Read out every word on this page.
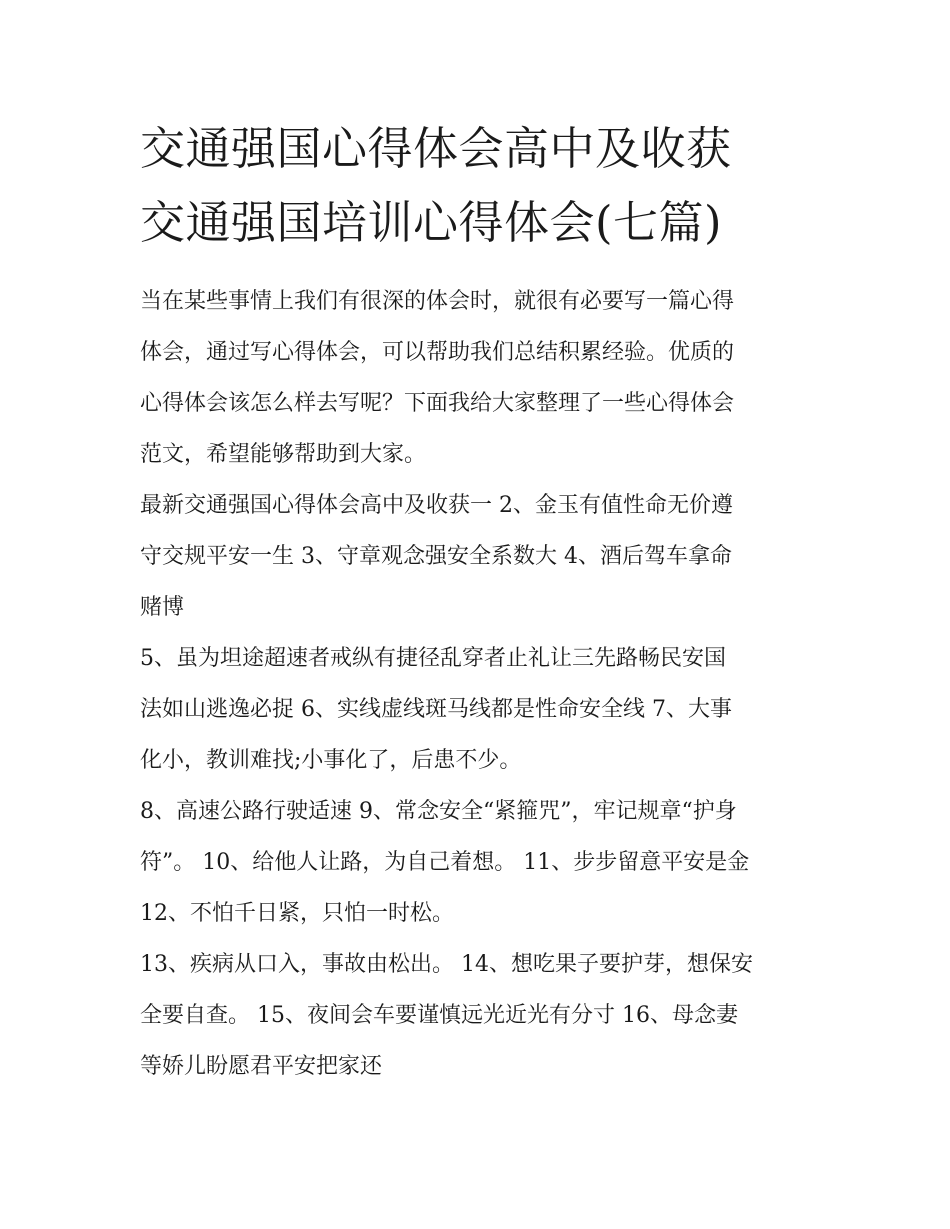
交通强国心得体会高中及收获
交通强国培训心得体会(七篇)
当在某些事情上我们有很深的体会时，就很有必要写一篇心得
体会，通过写心得体会，可以帮助我们总结积累经验。优质的
心得体会该怎么样去写呢？下面我给大家整理了一些心得体会
范文，希望能够帮助到大家。
最新交通强国心得体会高中及收获一 2、金玉有值性命无价遵
守交规平安一生 3、守章观念强安全系数大 4、酒后驾车拿命
赌博
5、虽为坦途超速者戒纵有捷径乱穿者止礼让三先路畅民安国
法如山逃逸必捉 6、实线虚线斑马线都是性命安全线 7、大事
化小，教训难找;小事化了，后患不少。
8、高速公路行驶适速 9、常念安全“紧箍咒”，牢记规章“护身
符”。 10、给他人让路，为自己着想。 11、步步留意平安是金
12、不怕千日紧，只怕一时松。
13、疾病从口入，事故由松出。 14、想吃果子要护芽，想保安
全要自查。 15、夜间会车要谨慎远光近光有分寸 16、母念妻
等娇儿盼愿君平安把家还
